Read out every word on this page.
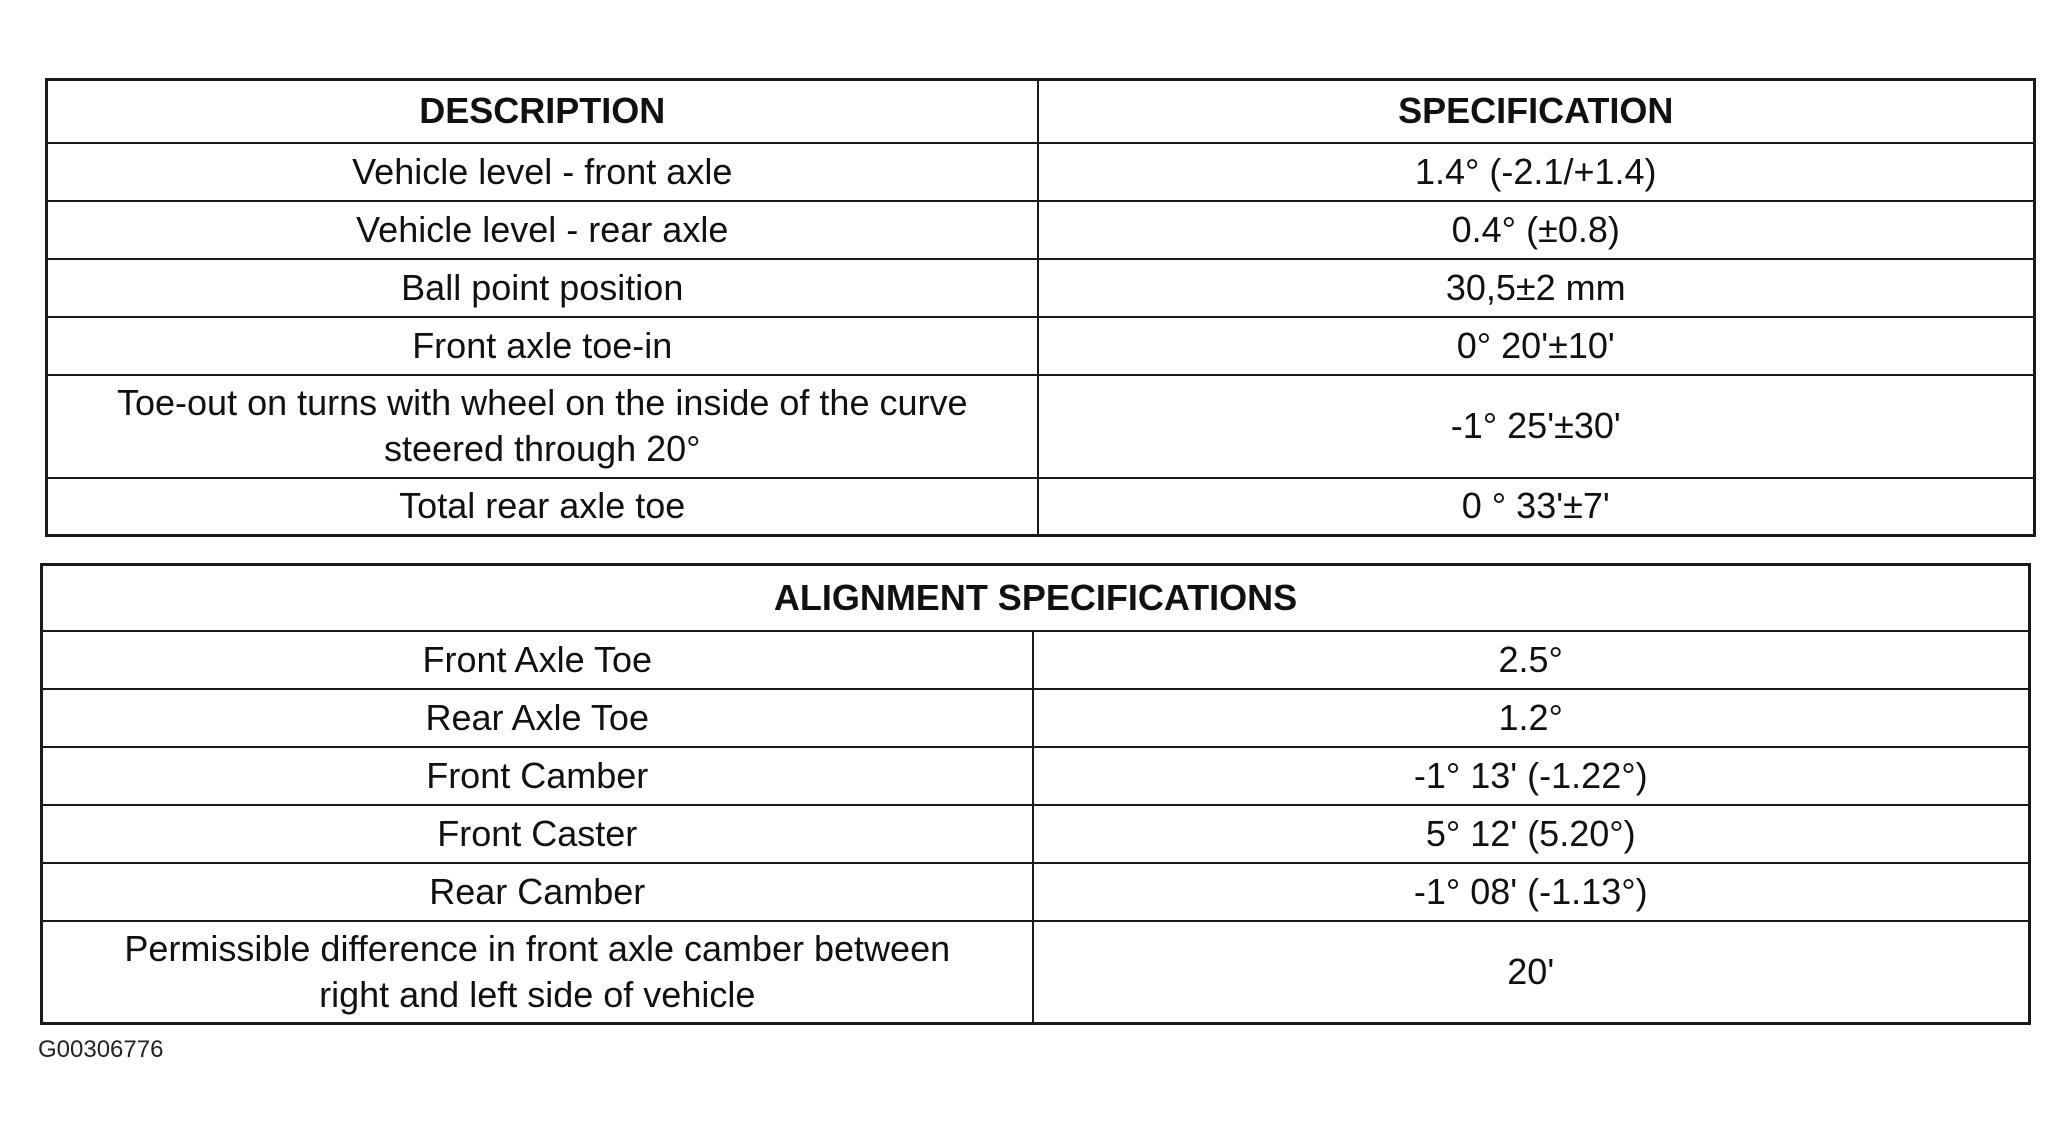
DESCRIPTION	SPECIFICATION
Vehicle level - front axle	1.4° (-2.1/+1.4)
Vehicle level - rear axle	0.4° (±0.8)
Ball point position	30,5±2 mm
Front axle toe-in	0° 20'±10'

Toe-out on turns with wheel on the inside of the curve
steered through 20°	-1° 25'±30'
Total rear axle toe	0 ° 33'±7'
ALIGNMENT SPECIFICATIONS	
Front Axle Toe	2.5°
Rear Axle Toe	1.2°
Front Camber	-1° 13' (-1.22°)
Front Caster	5° 12' (5.20°)
Rear Camber	-1° 08' (-1.13°)

Permissible difference in front axle camber between
right and left side of vehicle	20'
G00306776
